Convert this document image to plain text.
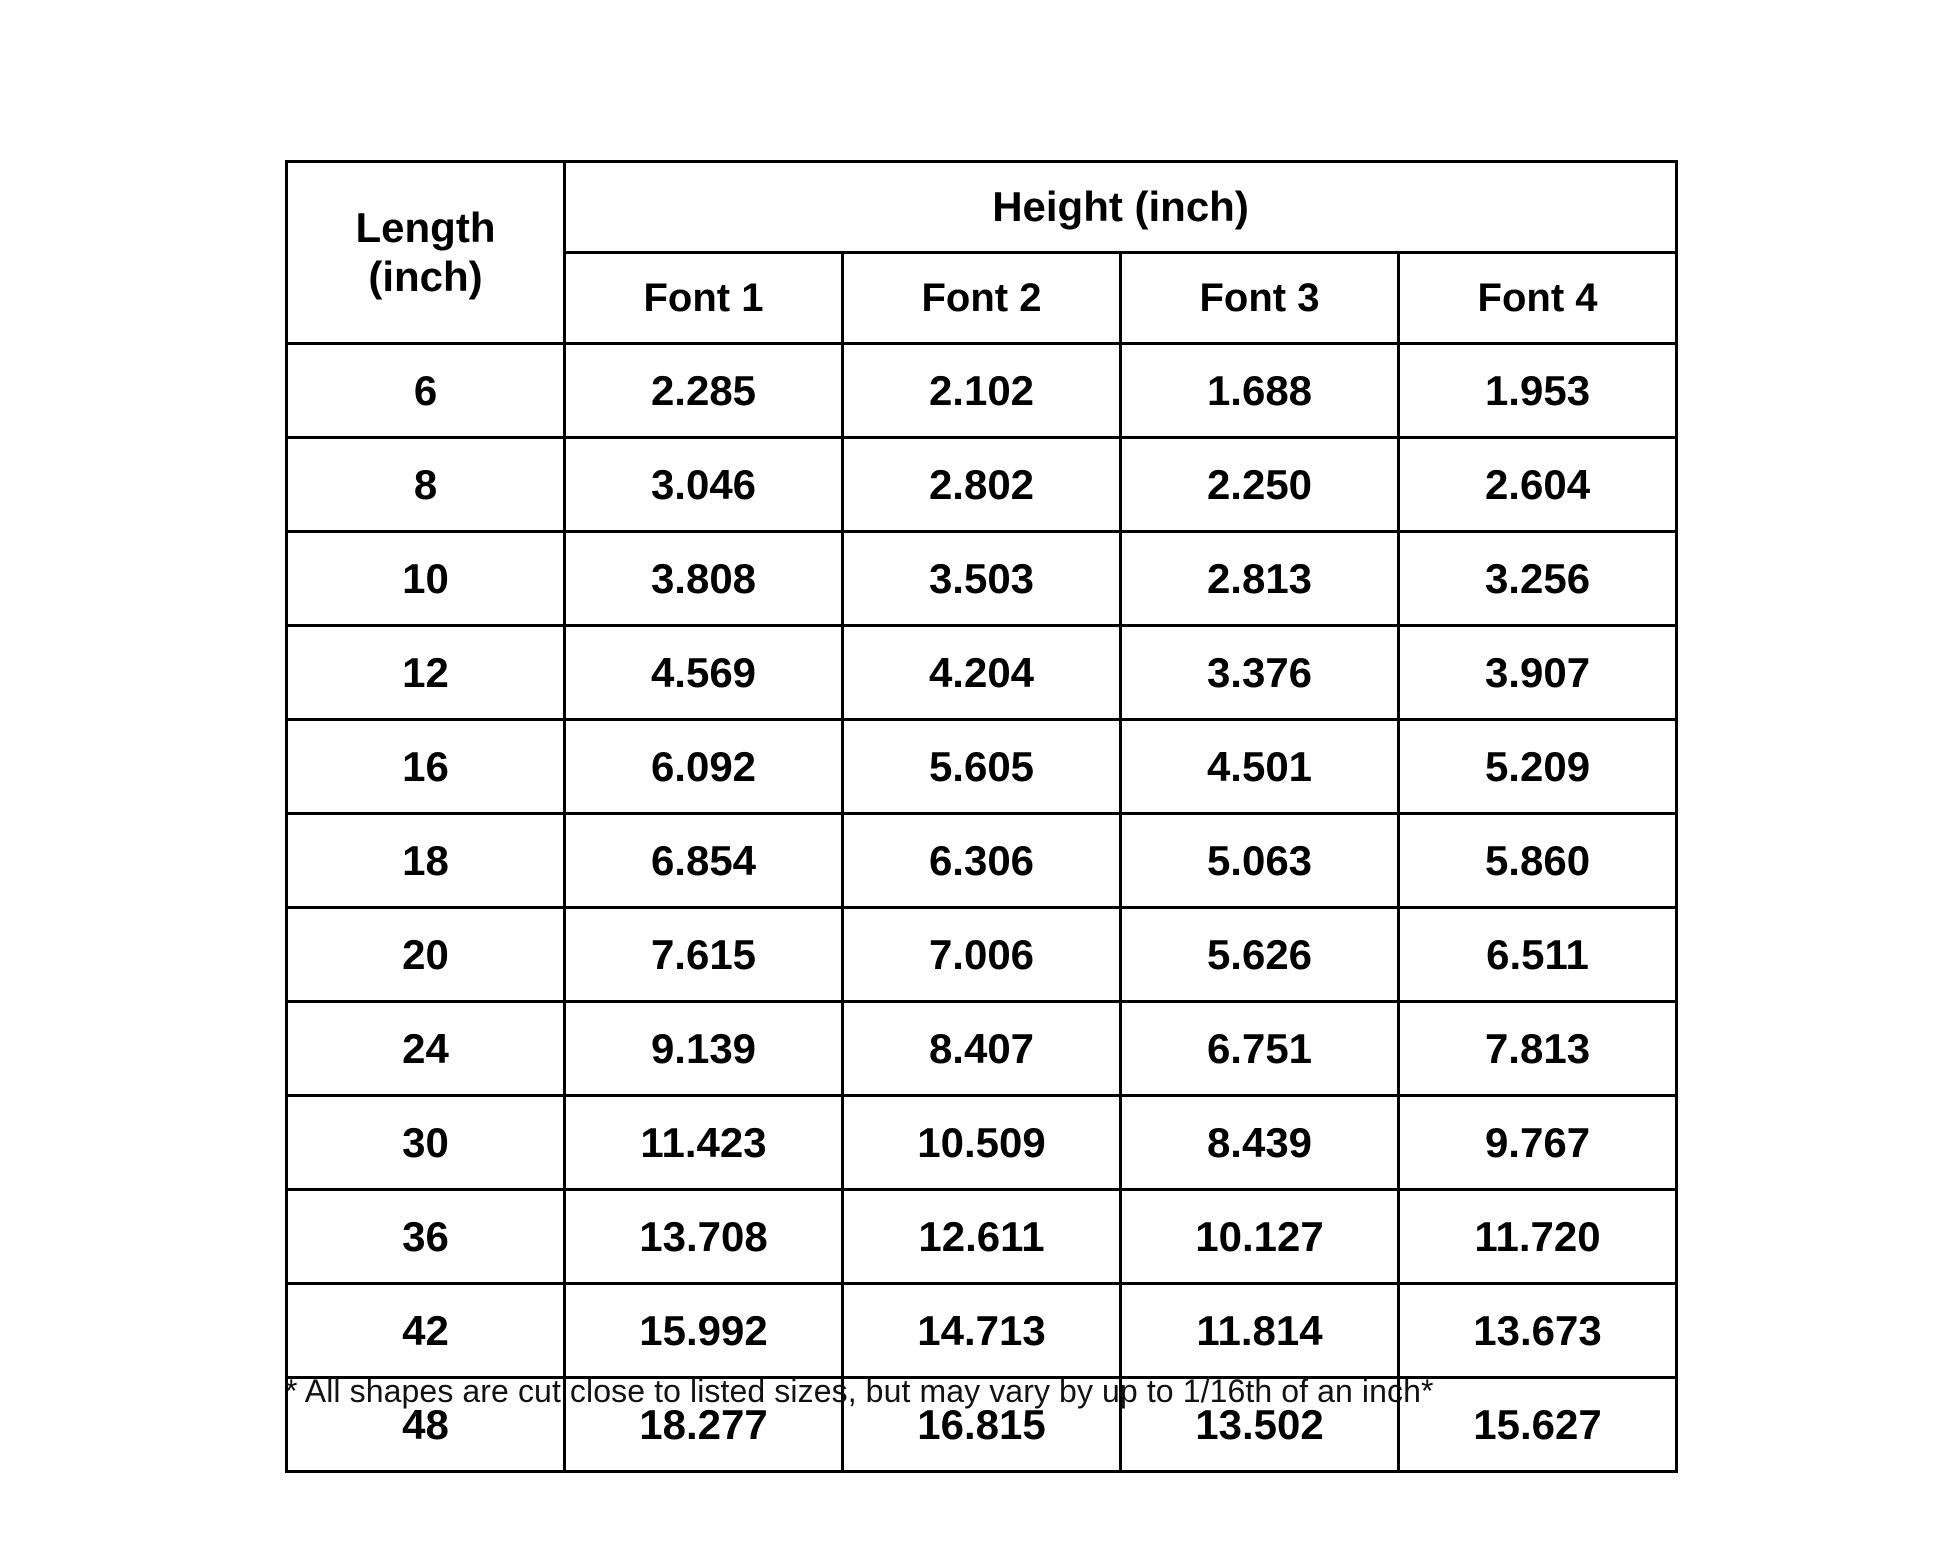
Length
(inch)	Height (inch)			
	Font 1	Font 2	Font 3	Font 4
6	2.285	2.102	1.688	1.953
8	3.046	2.802	2.250	2.604
10	3.808	3.503	2.813	3.256
12	4.569	4.204	3.376	3.907
16	6.092	5.605	4.501	5.209
18	6.854	6.306	5.063	5.860
20	7.615	7.006	5.626	6.511
24	9.139	8.407	6.751	7.813
30	11.423	10.509	8.439	9.767
36	13.708	12.611	10.127	11.720
42	15.992	14.713	11.814	13.673
48	18.277	16.815	13.502	15.627
* All shapes are cut close to listed sizes, but may vary by up to 1/16th of an inch*
